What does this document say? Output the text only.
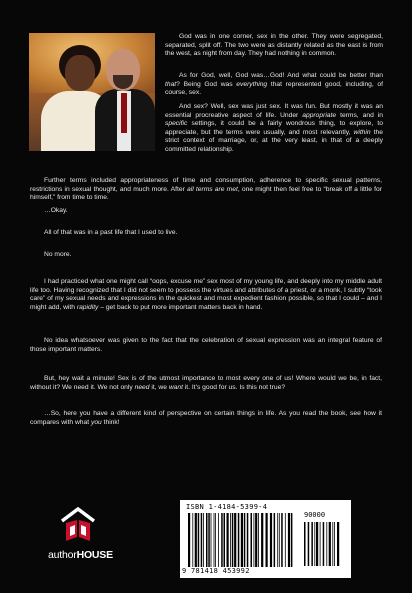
God was in one corner, sex in the other. They were segregated, separated, split off. The two were as distantly related as the east is from the west, as night from day. They had nothing in common.

As for God, well, God was…God! And what could be better than that? Being God was everything that represented good, including, of course, sex.

And sex? Well, sex was just sex. It was fun. But mostly it was an essential procreative aspect of life. Under appropriate terms, and in specific settings, it could be a fairly wondrous thing, to explore, to appreciate, but the terms were usually, and most relevantly, within the strict context of marriage, or, at the very least, in that of a deeply committed relationship.

Further terms included appropriateness of time and consumption, adherence to specific sexual patterns, restrictions in sexual thought, and much more. After all terms are met, one might then feel free to “break off a little for himself,” from time to time.

…Okay.

All of that was in a past life that I used to live.

No more.

I had practiced what one might call “oops, excuse me” sex most of my young life, and deeply into my middle adult life too. Having recognized that I did not seem to possess the virtues and attributes of a priest, or a monk, I subtly “took care” of my sexual needs and expressions in the quickest and most expedient fashion possible, so that I could – and I might add, with rapidity – get back to put more important matters back in hand.

No idea whatsoever was given to the fact that the celebration of sexual expression was an integral feature of those important matters.

But, hey wait a minute! Sex is of the utmost importance to most every one of us! Where would we be, in fact, without it? We need it. We not only need it, we want it. It’s good for us. Is this not true?

…So, here you have a different kind of perspective on certain things in life. As you read the book, see how it compares with what you think!

authorHOUSE
ISBN 1-4184-5399-4
90000
9 781418 453992
